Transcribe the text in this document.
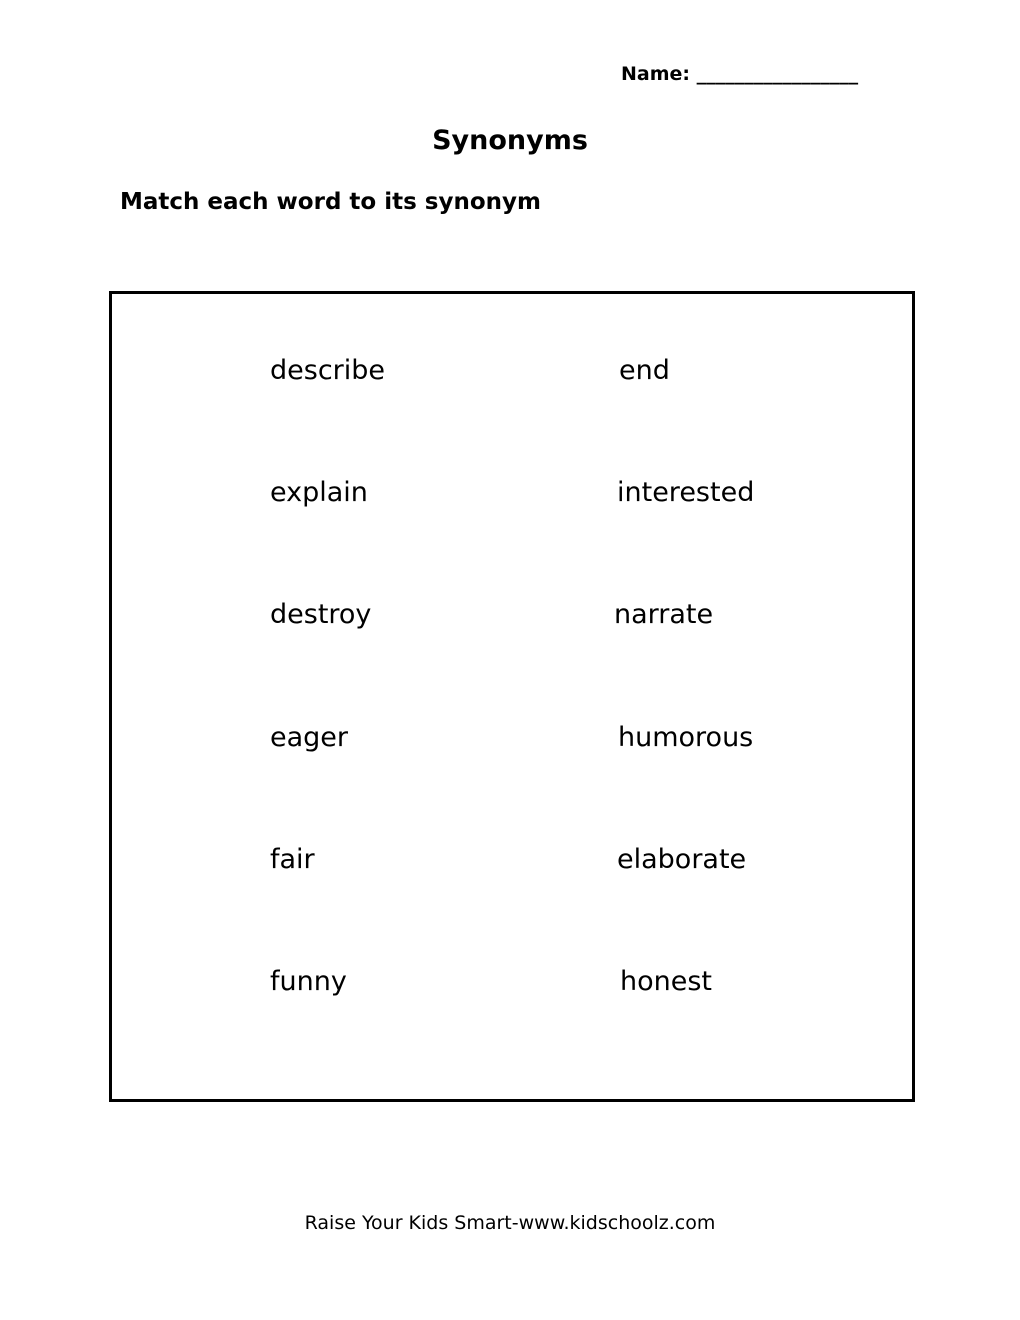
Name: _________________
Synonyms
Match each word to its synonym
describe
explain
destroy
eager
fair
funny
end
interested
narrate
humorous
elaborate
honest
Raise Your Kids Smart-www.kidschoolz.com
